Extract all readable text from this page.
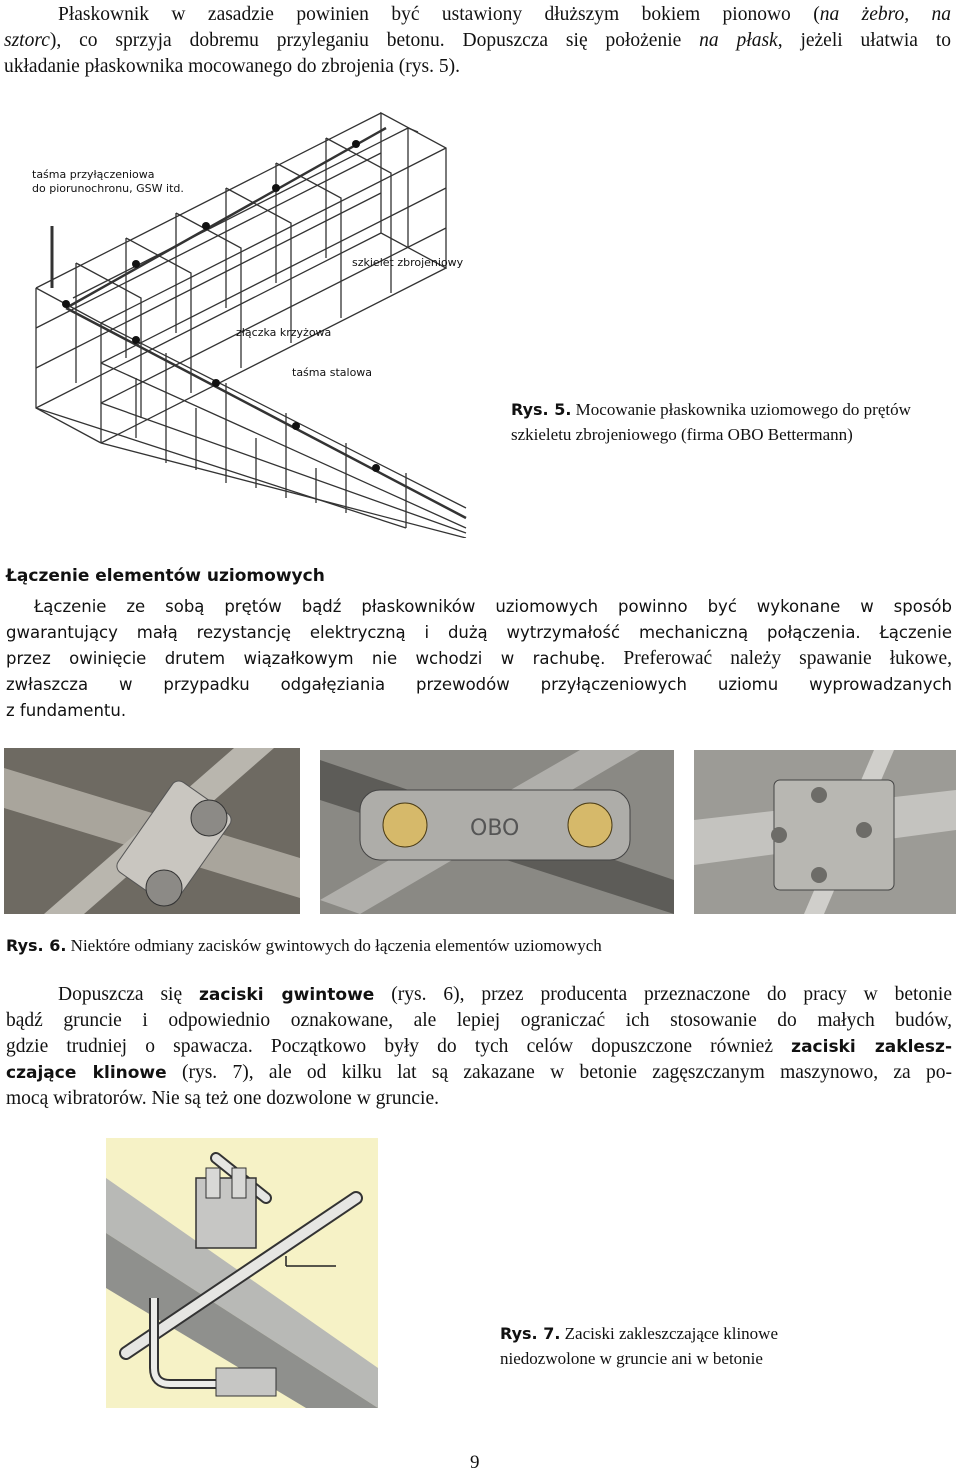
Płaskownik w zasadzie powinien być ustawiony dłuższym bokiem pionowo (na żebro, na
sztorc), co sprzyja dobremu przyleganiu betonu. Dopuszcza się położenie na płask, jeżeli ułatwia to
układanie płaskownika mocowanego do zbrojenia (rys. 5).
taśma przyłączeniowa
do piorunochronu, GSW itd.
szkielet zbrojeniowy
złączka krzyżowa
taśma stalowa
Rys. 5. Mocowanie płaskownika uziomowego do prętów
szkieletu zbrojeniowego (firma OBO Bettermann)
Łączenie elementów uziomowych
Łączenie ze sobą prętów bądź płaskowników uziomowych powinno być wykonane w sposób
gwarantujący małą rezystancję elektryczną i dużą wytrzymałość mechaniczną połączenia. Łączenie
przez owinięcie drutem wiązałkowym nie wchodzi w rachubę. Preferować należy spawanie łukowe,
zwłaszcza w przypadku odgałęziania przewodów przyłączeniowych uziomu wyprowadzanych
z fundamentu.
OBO
Rys. 6. Niektóre odmiany zacisków gwintowych do łączenia elementów uziomowych
Dopuszcza się zaciski gwintowe (rys. 6), przez producenta przeznaczone do pracy w betonie
bądź gruncie i odpowiednio oznakowane, ale lepiej ograniczać ich stosowanie do małych budów,
gdzie trudniej o spawacza. Początkowo były do tych celów dopuszczone również zaciski zaklesz-
czające klinowe (rys. 7), ale od kilku lat są zakazane w betonie zagęszczanym maszynowo, za po-
mocą wibratorów. Nie są też one dozwolone w gruncie.
Rys. 7. Zaciski zakleszczające klinowe
niedozwolone w gruncie ani w betonie
9
